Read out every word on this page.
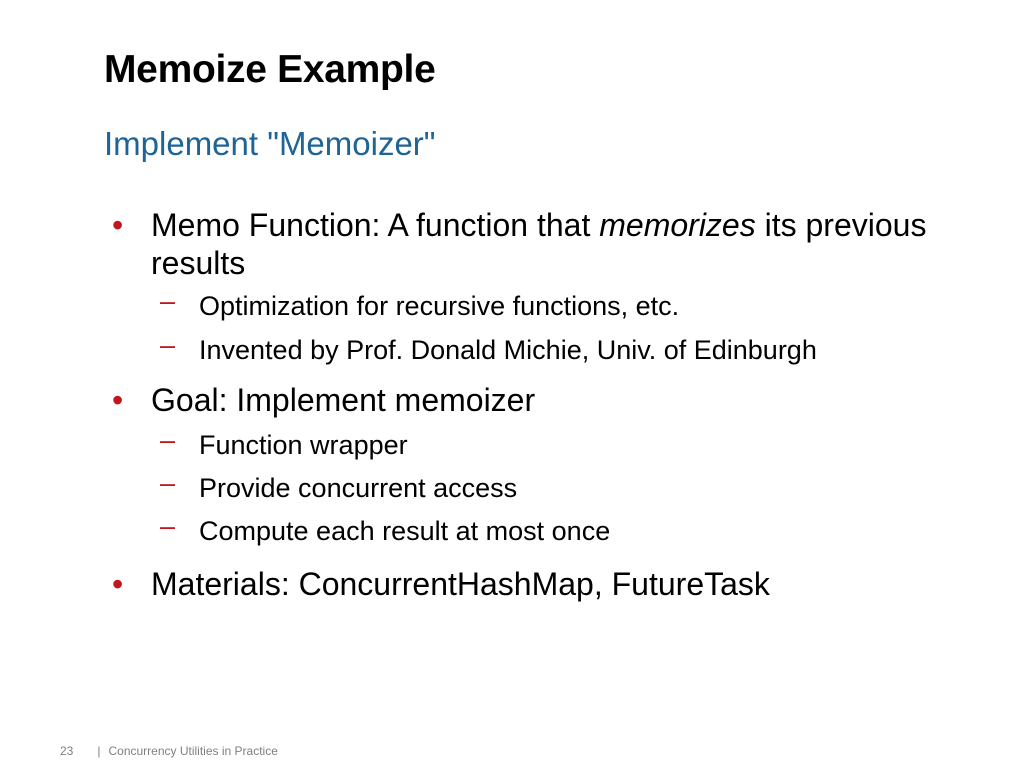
Memoize Example
Implement "Memoizer"
• Memo Function: A function that memorizes its previous results
– Optimization for recursive functions, etc.
– Invented by Prof. Donald Michie, Univ. of Edinburgh
• Goal: Implement memoizer
– Function wrapper
– Provide concurrent access
– Compute each result at most once
• Materials: ConcurrentHashMap, FutureTask
23 | Concurrency Utilities in Practice
